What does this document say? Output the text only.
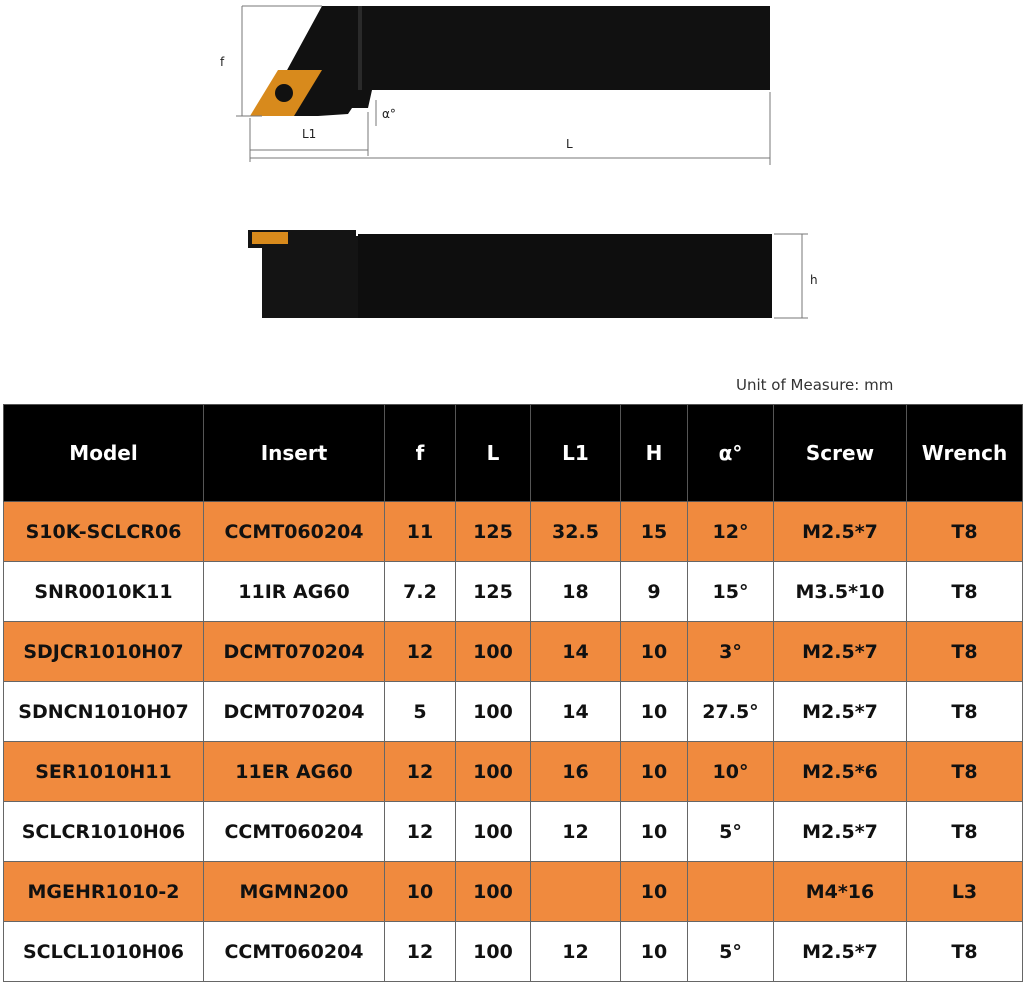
f
α°
L1
L
h
Unit of Measure: mm
Model	Insert	f	L	L1	H	α°	Screw	Wrench
S10K-SCLCR06	CCMT060204	11	125	32.5	15	12°	M2.5*7	T8
SNR0010K11	11IR AG60	7.2	125	18	9	15°	M3.5*10	T8
SDJCR1010H07	DCMT070204	12	100	14	10	3°	M2.5*7	T8
SDNCN1010H07	DCMT070204	5	100	14	10	27.5°	M2.5*7	T8
SER1010H11	11ER AG60	12	100	16	10	10°	M2.5*6	T8
SCLCR1010H06	CCMT060204	12	100	12	10	5°	M2.5*7	T8
MGEHR1010-2	MGMN200	10	100		10		M4*16	L3
SCLCL1010H06	CCMT060204	12	100	12	10	5°	M2.5*7	T8
